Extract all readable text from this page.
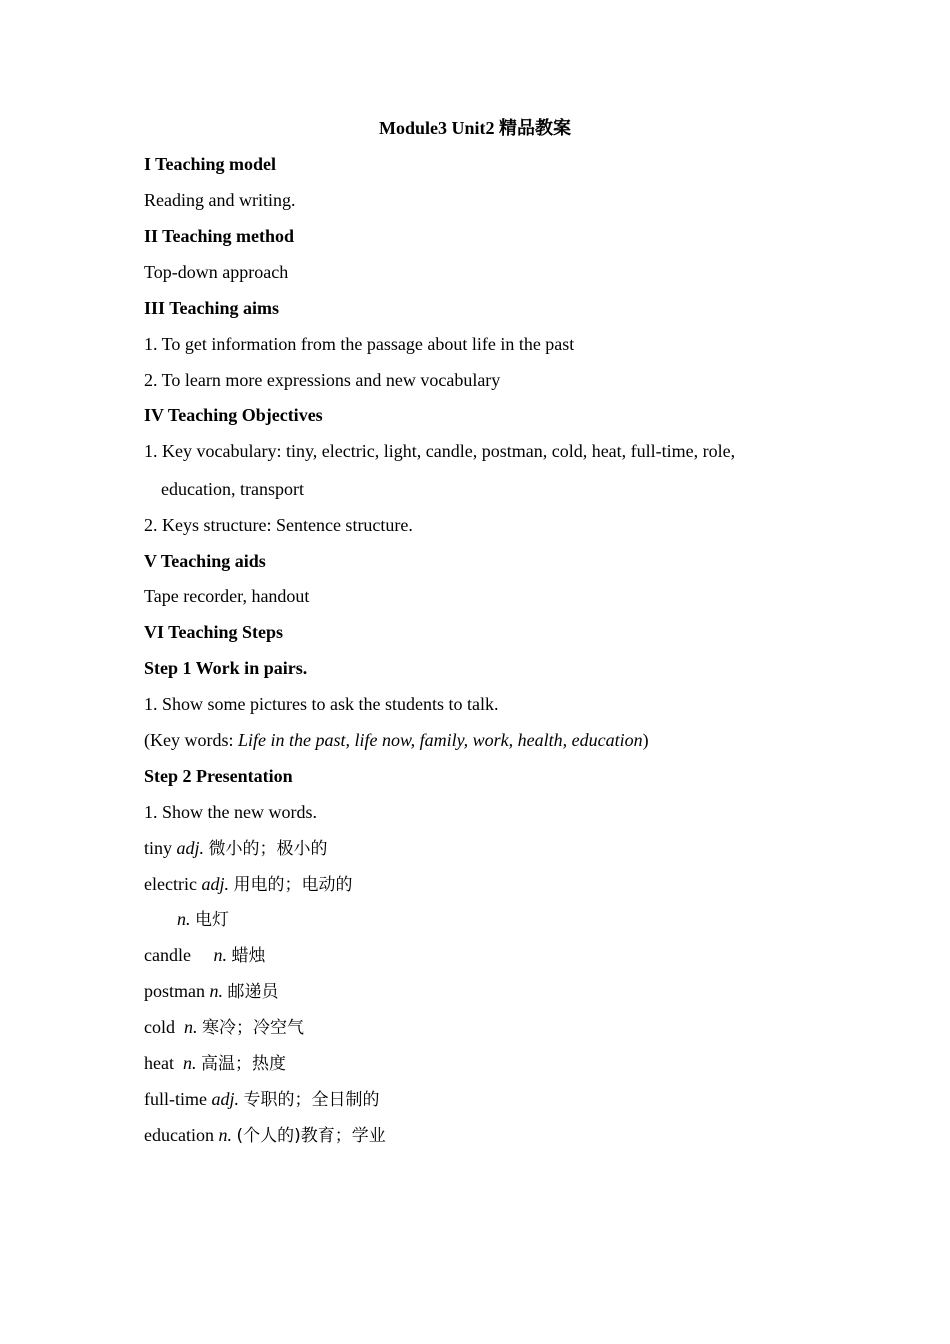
Module3 Unit2 精品教案
I Teaching model
Reading and writing.
II Teaching method
Top-down approach
III Teaching aims
1. To get information from the passage about life in the past
2. To learn more expressions and new vocabulary
IV Teaching Objectives
1. Key vocabulary: tiny, electric, light, candle, postman, cold, heat, full-time, role,
education, transport
2. Keys structure: Sentence structure.
V Teaching aids
Tape recorder, handout
VI Teaching Steps
Step 1 Work in pairs.
1. Show some pictures to ask the students to talk.
(Key words: Life in the past, life now, family, work, health, education)
Step 2 Presentation
1. Show the new words.
tiny adj. 微小的；极小的
electric adj. 用电的；电动的
n. 电灯
candle n. 蜡烛
postman n. 邮递员
cold n. 寒冷；冷空气
heat n. 高温；热度
full-time adj. 专职的；全日制的
education n. (个人的)教育；学业
